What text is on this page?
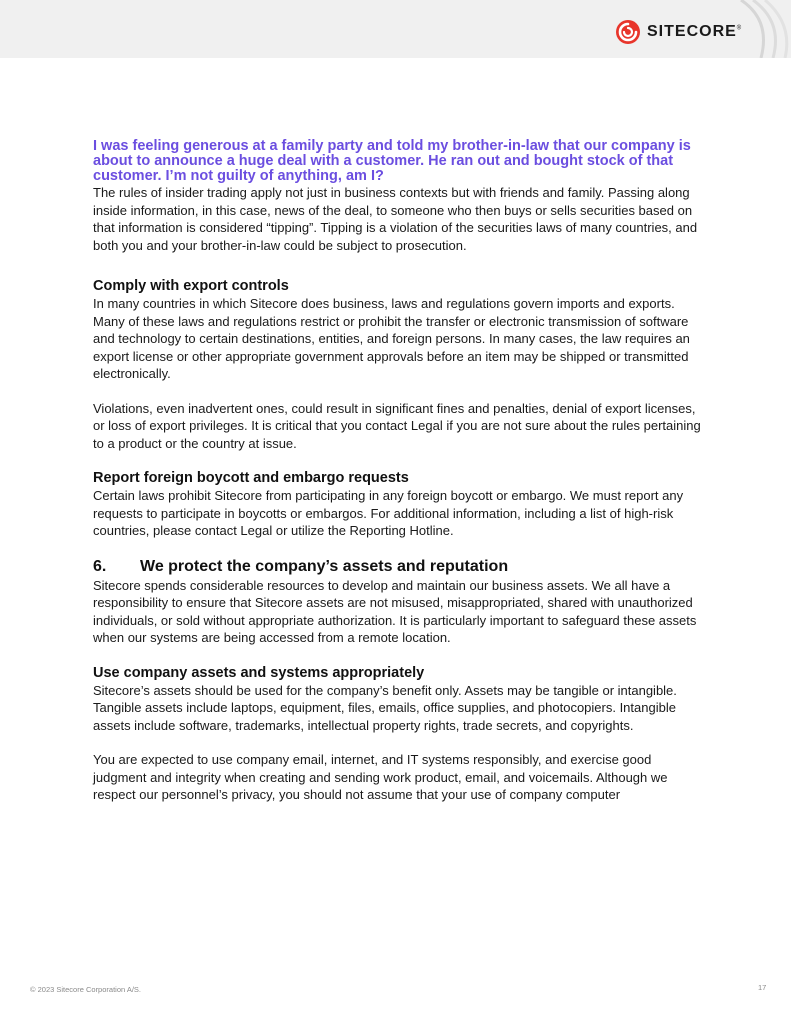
SITECORE®

I was feeling generous at a family party and told my brother-in-law that our company is about to announce a huge deal with a customer. He ran out and bought stock of that customer. I’m not guilty of anything, am I?

The rules of insider trading apply not just in business contexts but with friends and family. Passing along inside information, in this case, news of the deal, to someone who then buys or sells securities based on that information is considered “tipping”. Tipping is a violation of the securities laws of many countries, and both you and your brother-in-law could be subject to prosecution.

Comply with export controls

In many countries in which Sitecore does business, laws and regulations govern imports and exports. Many of these laws and regulations restrict or prohibit the transfer or electronic transmission of software and technology to certain destinations, entities, and foreign persons. In many cases, the law requires an export license or other appropriate government approvals before an item may be shipped or transmitted electronically.

Violations, even inadvertent ones, could result in significant fines and penalties, denial of export licenses, or loss of export privileges. It is critical that you contact Legal if you are not sure about the rules pertaining to a product or the country at issue.

Report foreign boycott and embargo requests

Certain laws prohibit Sitecore from participating in any foreign boycott or embargo. We must report any requests to participate in boycotts or embargos. For additional information, including a list of high-risk countries, please contact Legal or utilize the Reporting Hotline.

6.	We protect the company’s assets and reputation

Sitecore spends considerable resources to develop and maintain our business assets. We all have a responsibility to ensure that Sitecore assets are not misused, misappropriated, shared with unauthorized individuals, or sold without appropriate authorization. It is particularly important to safeguard these assets when our systems are being accessed from a remote location.

Use company assets and systems appropriately

Sitecore’s assets should be used for the company’s benefit only. Assets may be tangible or intangible. Tangible assets include laptops, equipment, files, emails, office supplies, and photocopiers. Intangible assets include software, trademarks, intellectual property rights, trade secrets, and copyrights.

You are expected to use company email, internet, and IT systems responsibly, and exercise good judgment and integrity when creating and sending work product, email, and voicemails. Although we respect our personnel’s privacy, you should not assume that your use of company computer

© 2023 Sitecore Corporation A/S.	17
